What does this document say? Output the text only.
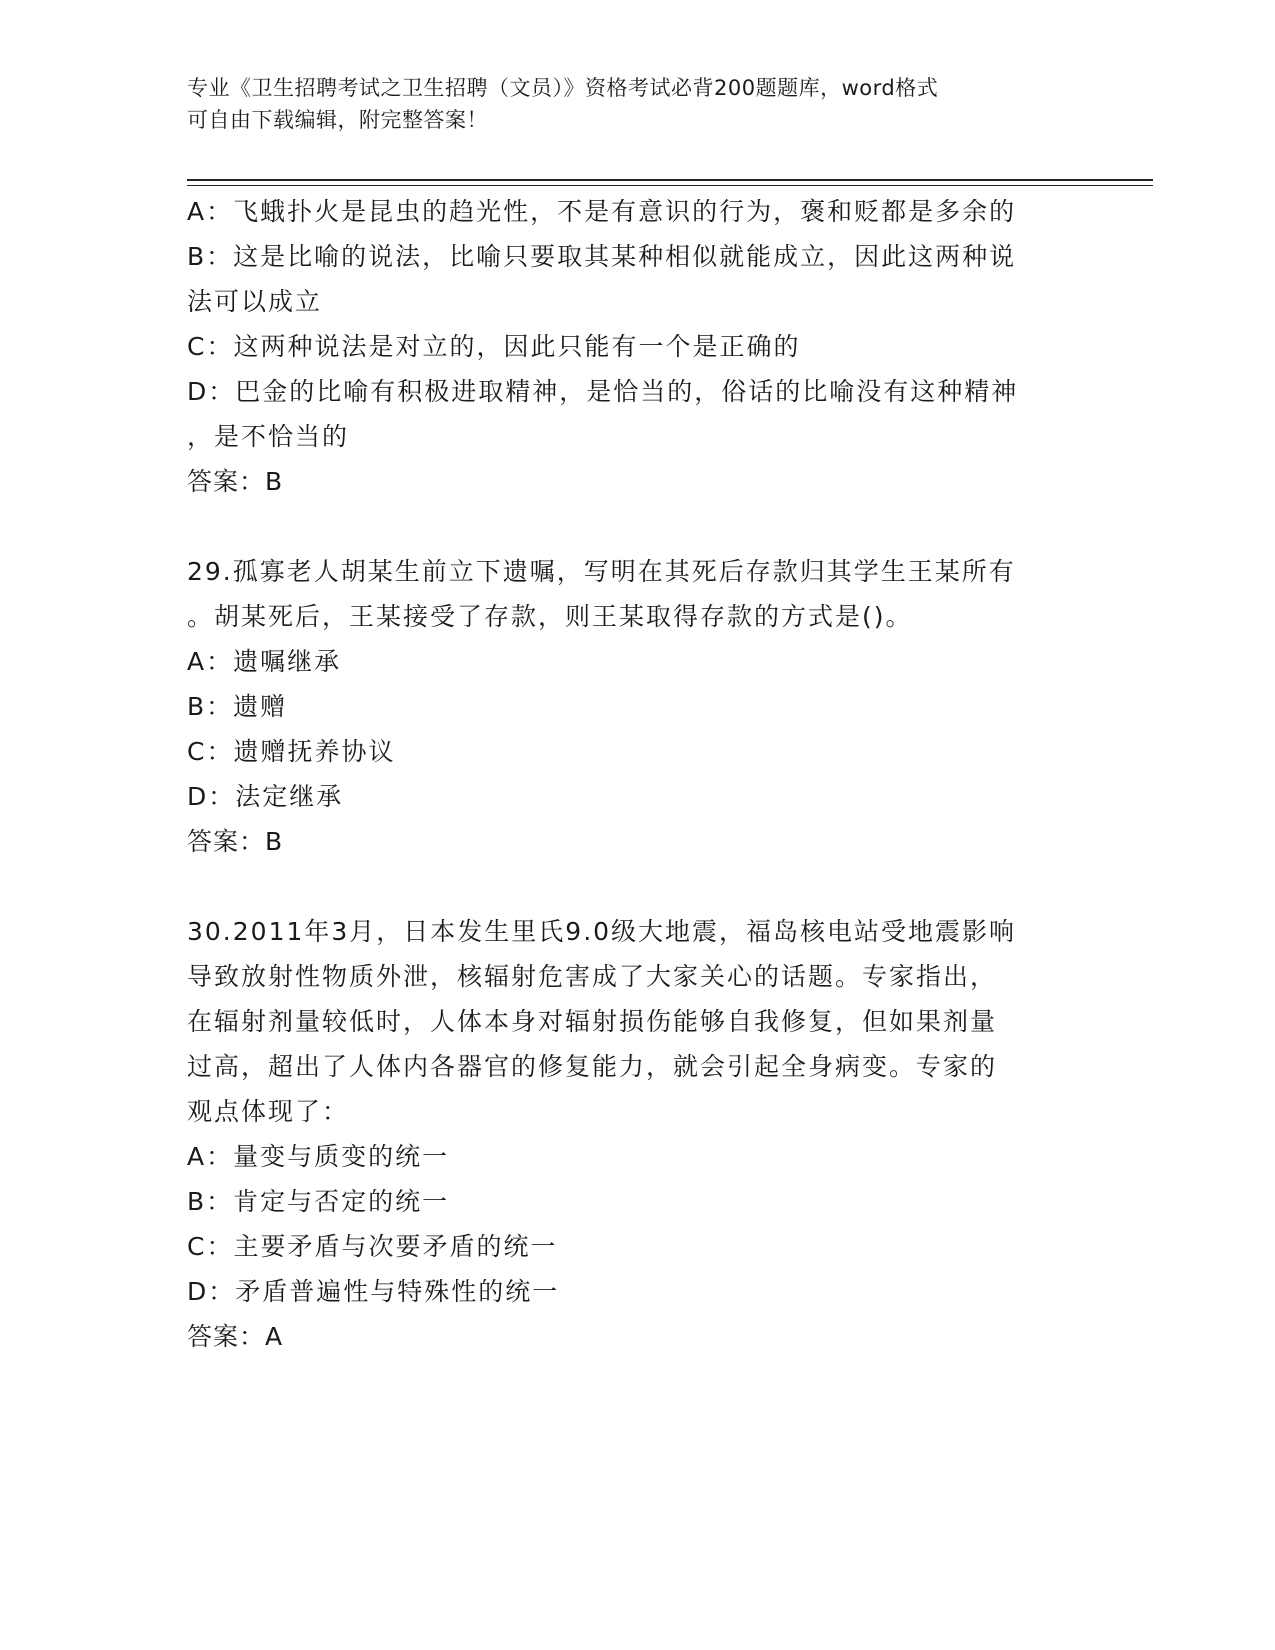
专业《卫生招聘考试之卫生招聘（文员）》资格考试必背200题题库，word格式
可自由下载编辑，附完整答案！
A：飞蛾扑火是昆虫的趋光性，不是有意识的行为，褒和贬都是多余的
B：这是比喻的说法，比喻只要取其某种相似就能成立，因此这两种说
法可以成立
C：这两种说法是对立的，因此只能有一个是正确的
D：巴金的比喻有积极进取精神，是恰当的，俗话的比喻没有这种精神
，是不恰当的
答案：B
29.孤寡老人胡某生前立下遗嘱，写明在其死后存款归其学生王某所有
。胡某死后，王某接受了存款，则王某取得存款的方式是()。
A：遗嘱继承
B：遗赠
C：遗赠抚养协议
D：法定继承
答案：B
30.2011年3月，日本发生里氏9.0级大地震，福岛核电站受地震影响
导致放射性物质外泄，核辐射危害成了大家关心的话题。专家指出，
在辐射剂量较低时，人体本身对辐射损伤能够自我修复，但如果剂量
过高，超出了人体内各器官的修复能力，就会引起全身病变。专家的
观点体现了：
A：量变与质变的统一
B：肯定与否定的统一
C：主要矛盾与次要矛盾的统一
D：矛盾普遍性与特殊性的统一
答案：A
